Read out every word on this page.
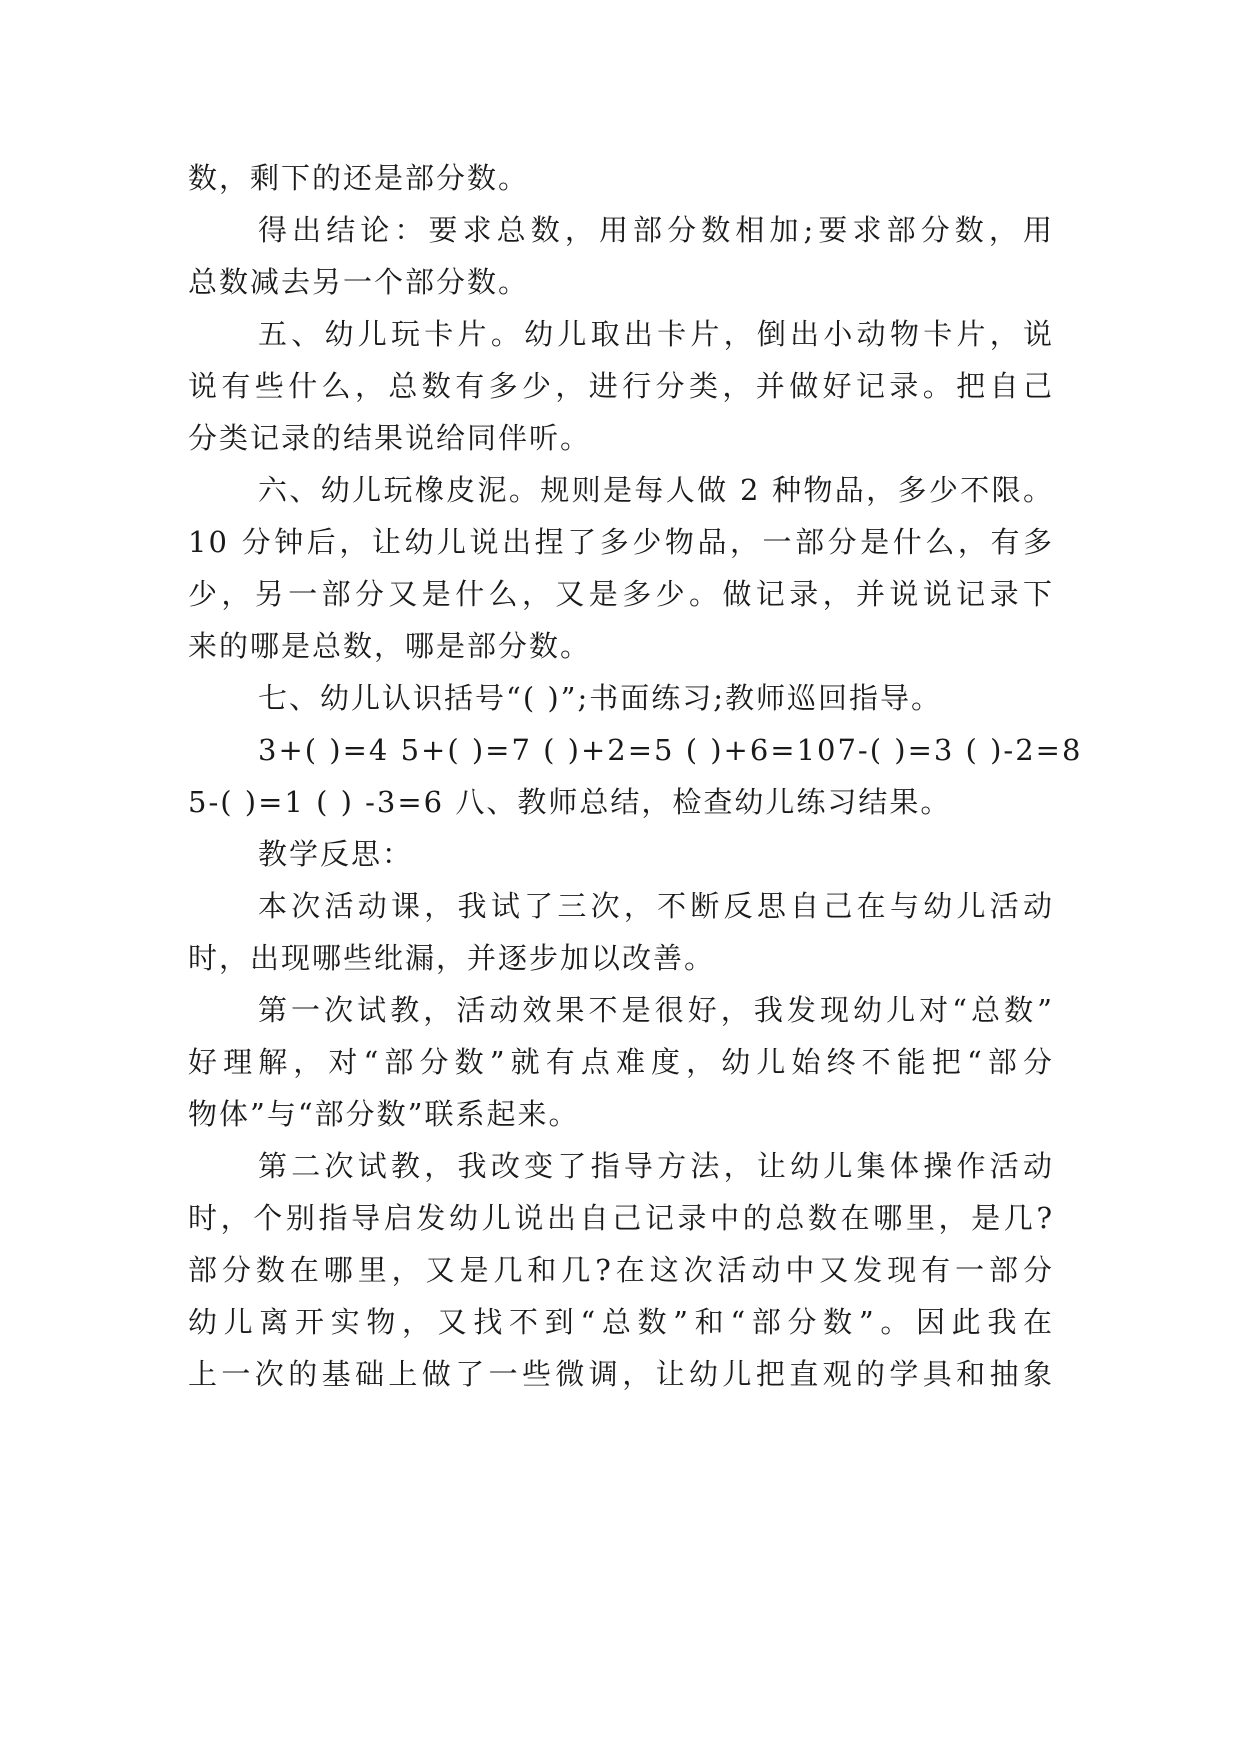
数，剩下的还是部分数。
得出结论：要求总数，用部分数相加;要求部分数，用
总数减去另一个部分数。
五、幼儿玩卡片。幼儿取出卡片，倒出小动物卡片，说
说有些什么，总数有多少，进行分类，并做好记录。把自己
分类记录的结果说给同伴听。
六、幼儿玩橡皮泥。规则是每人做 2 种物品，多少不限。
10 分钟后，让幼儿说出捏了多少物品，一部分是什么，有多
少，另一部分又是什么，又是多少。做记录，并说说记录下
来的哪是总数，哪是部分数。
七、幼儿认识括号“( )”;书面练习;教师巡回指导。
3+( )=4 5+( )=7 ( )+2=5 ( )+6=107-( )=3 ( )-2=8
5-( )=1 ( ) -3=6 八、教师总结，检查幼儿练习结果。
教学反思：
本次活动课，我试了三次，不断反思自己在与幼儿活动
时，出现哪些纰漏，并逐步加以改善。
第一次试教，活动效果不是很好，我发现幼儿对“总数”
好理解，对“部分数”就有点难度，幼儿始终不能把“部分
物体”与“部分数”联系起来。
第二次试教，我改变了指导方法，让幼儿集体操作活动
时，个别指导启发幼儿说出自己记录中的总数在哪里，是几?
部分数在哪里，又是几和几?在这次活动中又发现有一部分
幼儿离开实物，又找不到“总数”和“部分数”。因此我在
上一次的基础上做了一些微调，让幼儿把直观的学具和抽象
